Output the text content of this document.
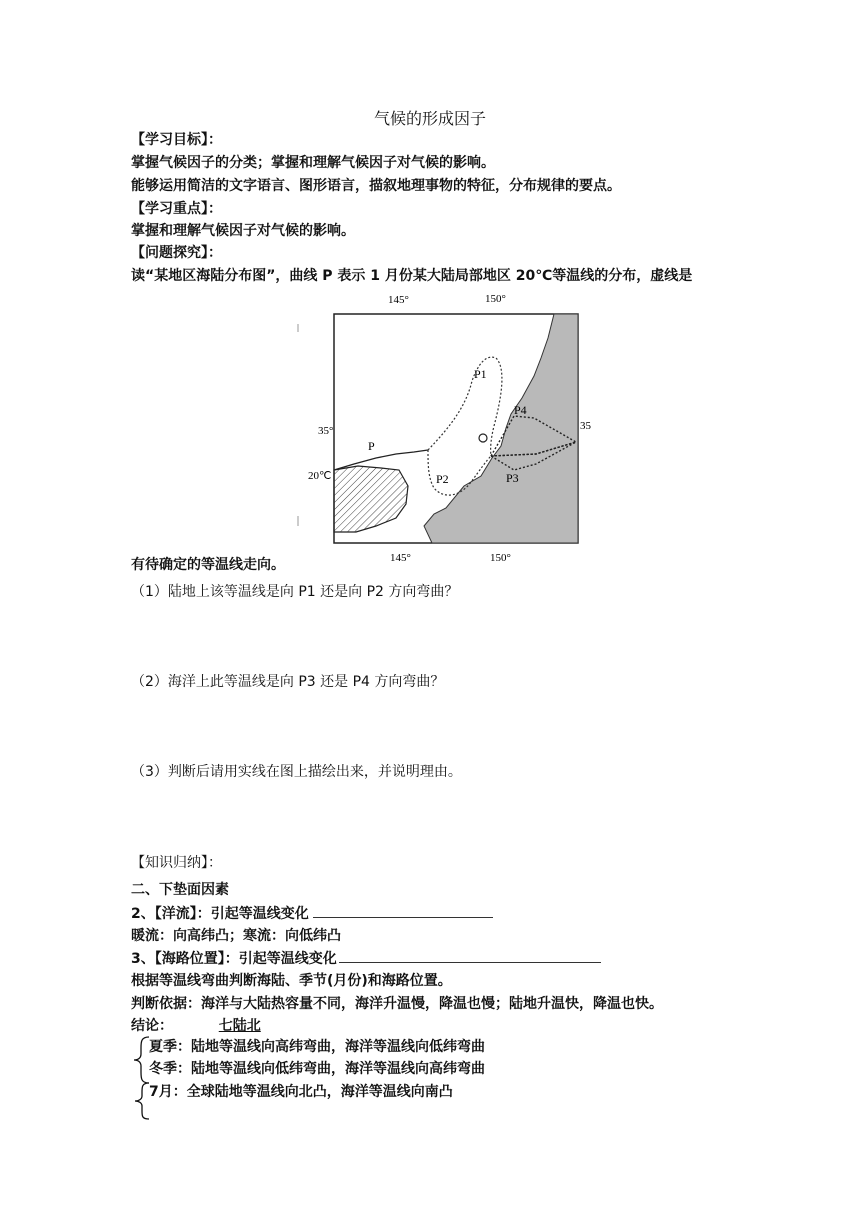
气候的形成因子
【学习目标】：
掌握气候因子的分类；掌握和理解气候因子对气候的影响。
能够运用简洁的文字语言、图形语言，描叙地理事物的特征，分布规律的要点。
【学习重点】：
掌握和理解气候因子对气候的影响。
【问题探究】：
读“某地区海陆分布图”，曲线 P 表示 1 月份某大陆局部地区 20℃等温线的分布，虚线是
145°	150°
145°	150°
35°	35
20℃
P
P1
P2	P3
P4
O
有待确定的等温线走向。
（1）陆地上该等温线是向 P1 还是向 P2 方向弯曲？
（2）海洋上此等温线是向 P3 还是 P4 方向弯曲？
（3）判断后请用实线在图上描绘出来，并说明理由。
【知识归纳】：
二、下垫面因素
2、【洋流】：引起等温线变化
暖流：向高纬凸；寒流：向低纬凸
3、【海路位置】：引起等温线变化
根据等温线弯曲判断海陆、季节(月份)和海路位置。
判断依据：海洋与大陆热容量不同，海洋升温慢，降温也慢；陆地升温快，降温也快。
结论：	七陆北
夏季：陆地等温线向高纬弯曲，海洋等温线向低纬弯曲
冬季：陆地等温线向低纬弯曲，海洋等温线向高纬弯曲
7月：全球陆地等温线向北凸，海洋等温线向南凸
